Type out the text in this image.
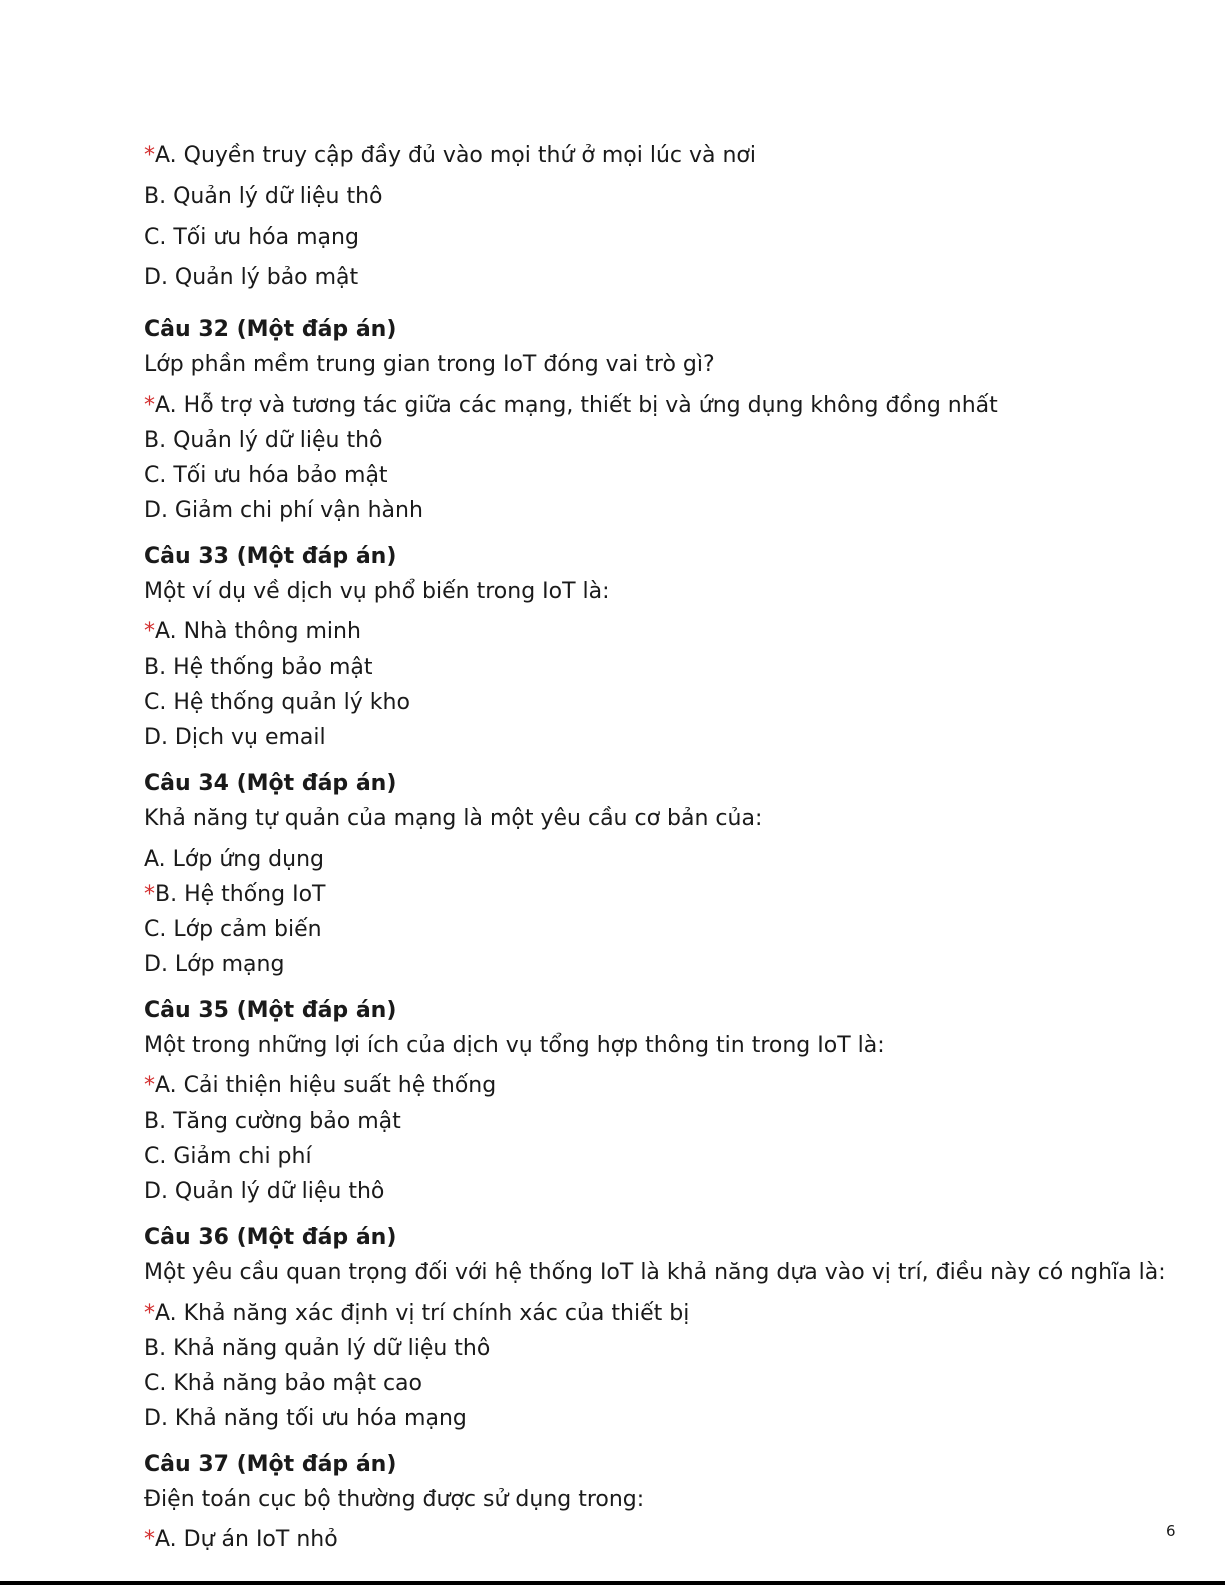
*A. Quyền truy cập đầy đủ vào mọi thứ ở mọi lúc và nơi
B. Quản lý dữ liệu thô
C. Tối ưu hóa mạng
D. Quản lý bảo mật
Câu 32 (Một đáp án)
Lớp phần mềm trung gian trong IoT đóng vai trò gì?
*A. Hỗ trợ và tương tác giữa các mạng, thiết bị và ứng dụng không đồng nhất
B. Quản lý dữ liệu thô
C. Tối ưu hóa bảo mật
D. Giảm chi phí vận hành
Câu 33 (Một đáp án)
Một ví dụ về dịch vụ phổ biến trong IoT là:
*A. Nhà thông minh
B. Hệ thống bảo mật
C. Hệ thống quản lý kho
D. Dịch vụ email
Câu 34 (Một đáp án)
Khả năng tự quản của mạng là một yêu cầu cơ bản của:
A. Lớp ứng dụng
*B. Hệ thống IoT
C. Lớp cảm biến
D. Lớp mạng
Câu 35 (Một đáp án)
Một trong những lợi ích của dịch vụ tổng hợp thông tin trong IoT là:
*A. Cải thiện hiệu suất hệ thống
B. Tăng cường bảo mật
C. Giảm chi phí
D. Quản lý dữ liệu thô
Câu 36 (Một đáp án)
Một yêu cầu quan trọng đối với hệ thống IoT là khả năng dựa vào vị trí, điều này có nghĩa là:
*A. Khả năng xác định vị trí chính xác của thiết bị
B. Khả năng quản lý dữ liệu thô
C. Khả năng bảo mật cao
D. Khả năng tối ưu hóa mạng
Câu 37 (Một đáp án)
Điện toán cục bộ thường được sử dụng trong:
*A. Dự án IoT nhỏ	6
